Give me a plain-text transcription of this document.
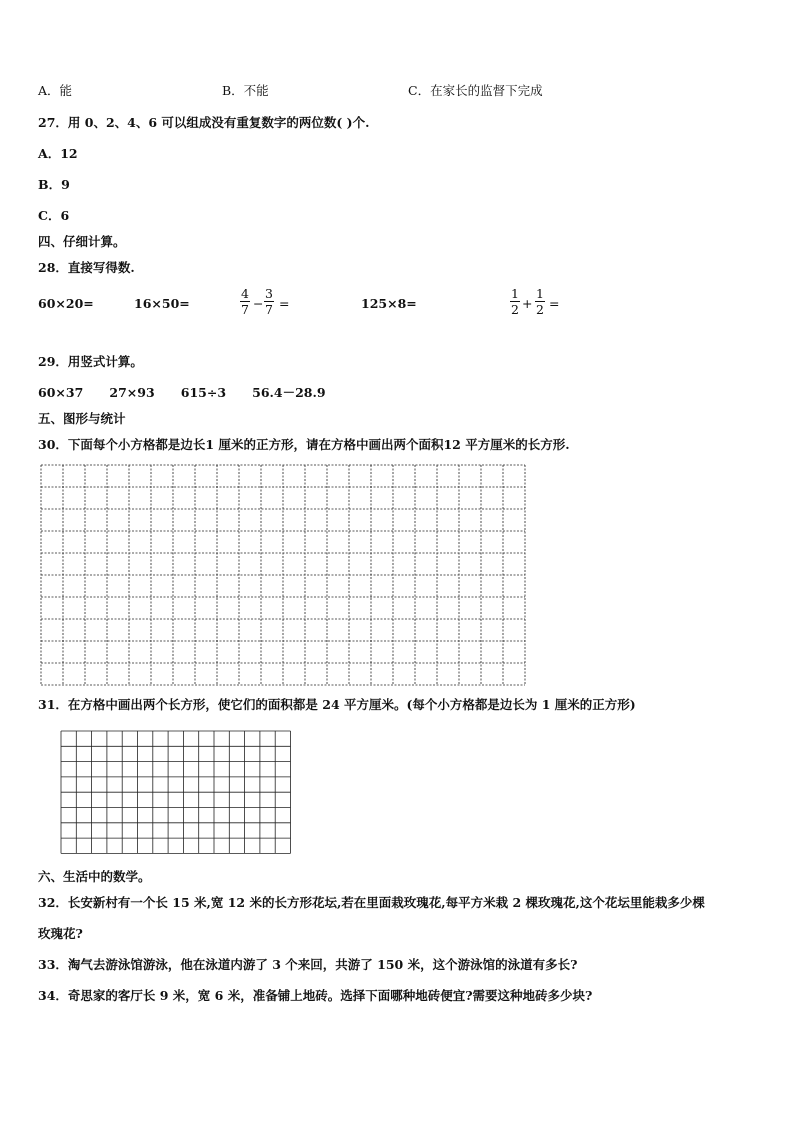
A．能	B．不能	C．在家长的监督下完成
27．用 0、2、4、6 可以组成没有重复数字的两位数( )个.
A．12
B．9
C．6
四、仔细计算。
28．直接写得数.
60×20=	16×50=
4
7 −
3
7 =	125×8=
1
2 +
1
2 =
29．用竖式计算。
60×37      27×93      615÷3      56.4－28.9
五、图形与统计
30．下面每个小方格都是边长1 厘米的正方形，请在方格中画出两个面积12 平方厘米的长方形.
31．在方格中画出两个长方形，使它们的面积都是 24 平方厘米。(每个小方格都是边长为 1 厘米的正方形)
六、生活中的数学。
32．长安新村有一个长 15 米,宽 12 米的长方形花坛,若在里面栽玫瑰花,每平方米栽 2 棵玫瑰花,这个花坛里能栽多少棵
玫瑰花?
33．淘气去游泳馆游泳，他在泳道内游了 3 个来回，共游了 150 米，这个游泳馆的泳道有多长?
34．奇思家的客厅长 9 米，宽 6 米，准备铺上地砖。选择下面哪种地砖便宜?需要这种地砖多少块?
